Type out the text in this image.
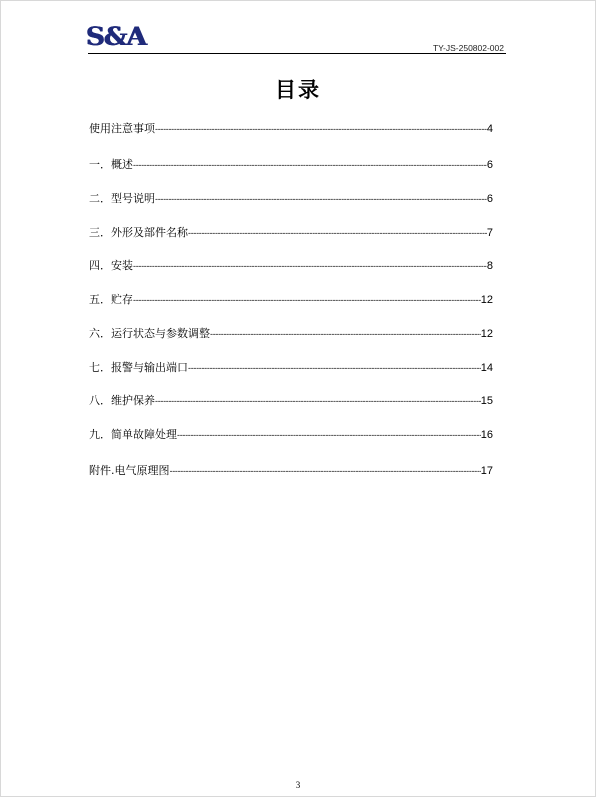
S&A	TY-JS-250802-002
目录
使用注意事项 -----	4
一．概述 -----	6
二．型号说明 -----	6
三．外形及部件名称 -----	7
四．安装 -----	8
五．贮存 -----	12
六．运行状态与参数调整 -----	12
七．报警与输出端口 -----	14
八．维护保养 -----	15
九．简单故障处理 -----	16
附件.电气原理图 -----	17
3
